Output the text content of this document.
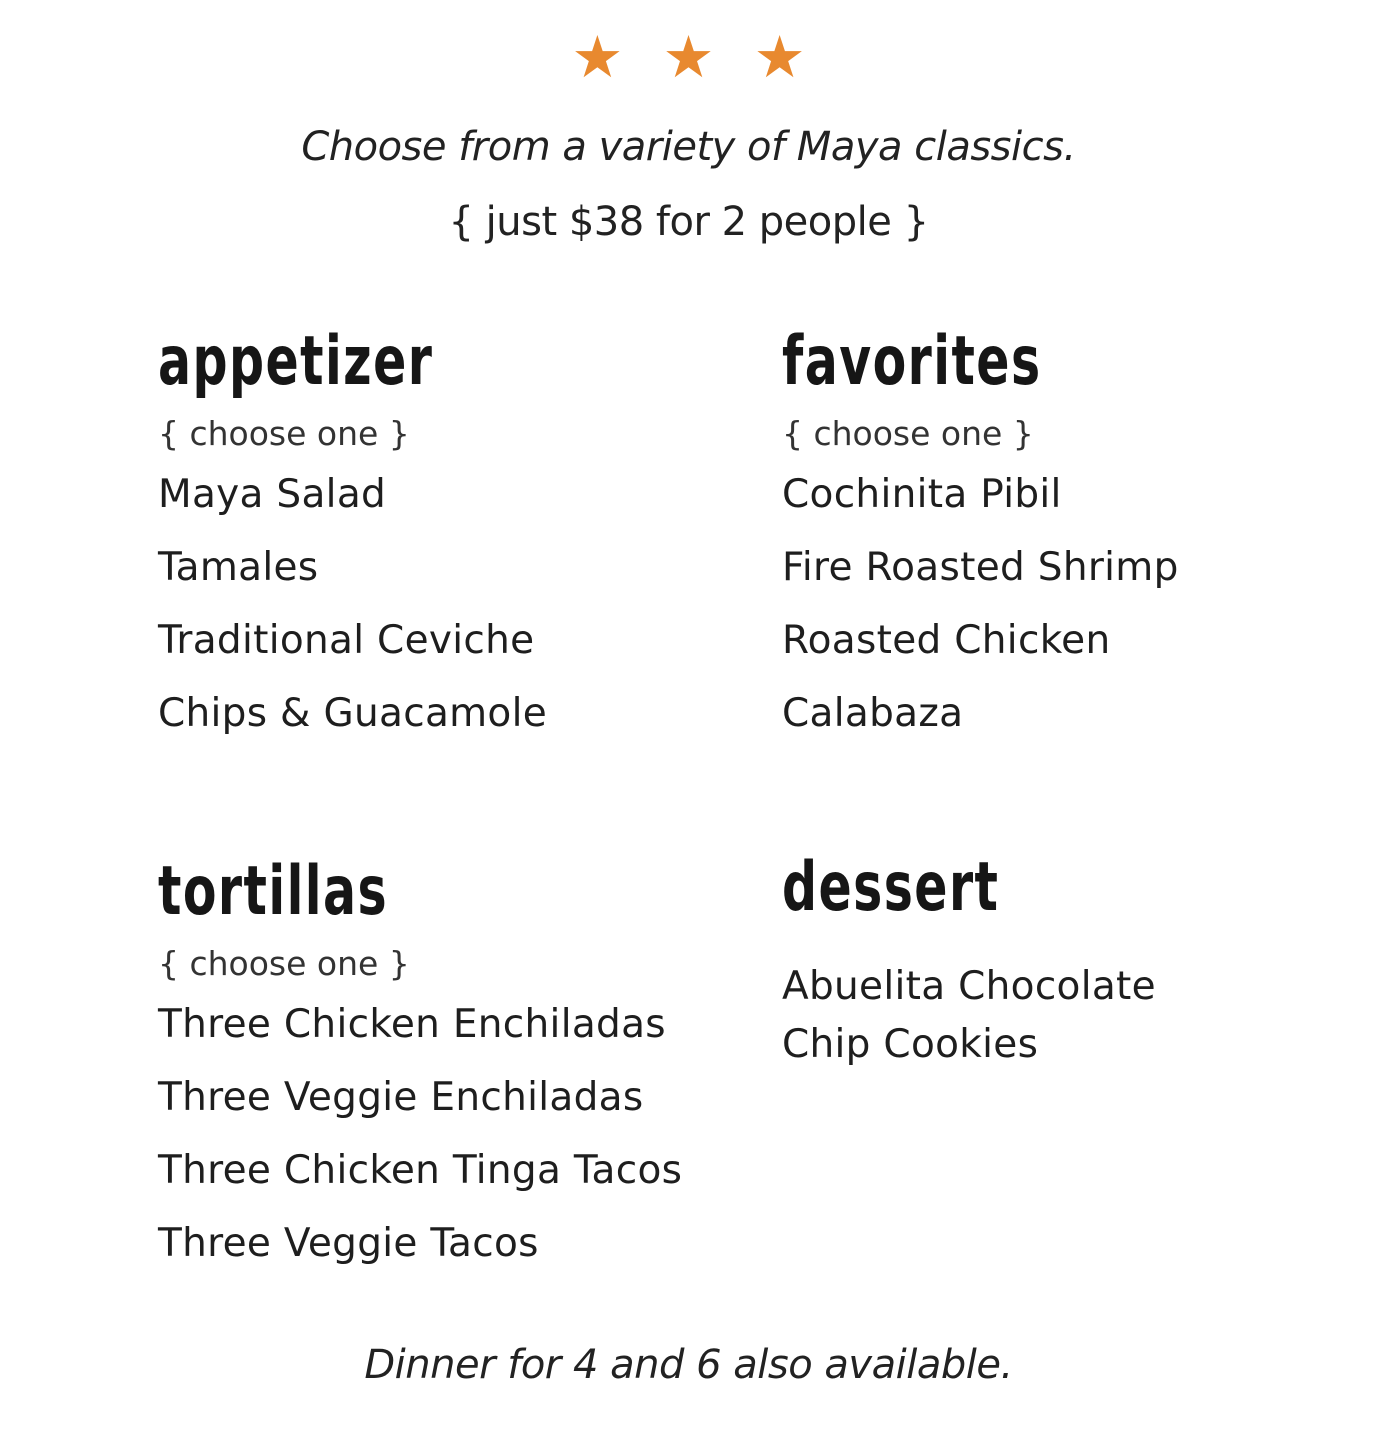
★ ★ ★
Choose from a variety of Maya classics.
{ just $38 for 2 people }
appetizer
{ choose one }
Maya Salad
Tamales
Traditional Ceviche
Chips & Guacamole
favorites
{ choose one }
Cochinita Pibil
Fire Roasted Shrimp
Roasted Chicken
Calabaza
tortillas
{ choose one }
Three Chicken Enchiladas
Three Veggie Enchiladas
Three Chicken Tinga Tacos
Three Veggie Tacos
dessert
Abuelita Chocolate Chip Cookies
Dinner for 4 and 6 also available.
